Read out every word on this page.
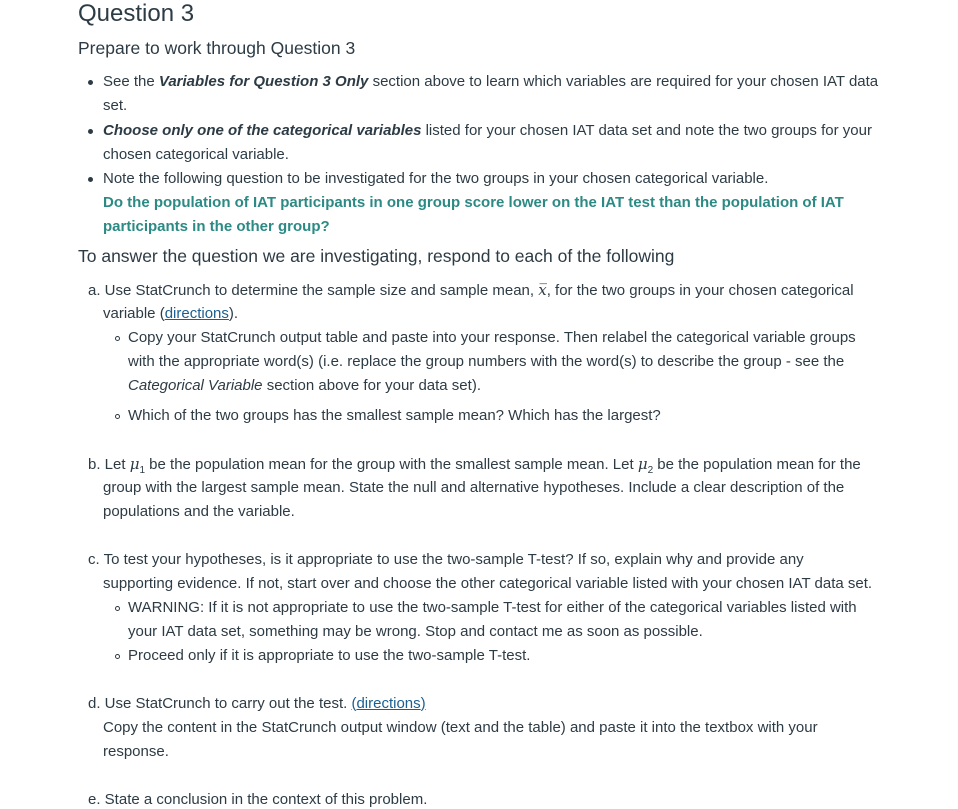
Question 3
Prepare to work through Question 3
See the Variables for Question 3 Only section above to learn which variables are required for your chosen IAT data
set.
Choose only one of the categorical variables listed for your chosen IAT data set and note the two groups for your
chosen categorical variable.
Note the following question to be investigated for the two groups in your chosen categorical variable.
Do the population of IAT participants in one group score lower on the IAT test than the population of IAT
participants in the other group?
To answer the question we are investigating, respond to each of the following
a. Use StatCrunch to determine the sample size and sample mean, x̅, for the two groups in your chosen categorical
variable (directions).
Copy your StatCrunch output table and paste into your response. Then relabel the categorical variable groups
with the appropriate word(s) (i.e. replace the group numbers with the word(s) to describe the group - see the
Categorical Variable section above for your data set).
Which of the two groups has the smallest sample mean? Which has the largest?
b. Let $\mu_1$ be the population mean for the group with the smallest sample mean. Let $\mu_2$ be the population mean for the
group with the largest sample mean. State the null and alternative hypotheses. Include a clear description of the
populations and the variable.
c. To test your hypotheses, is it appropriate to use the two-sample T-test? If so, explain why and provide any
supporting evidence. If not, start over and choose the other categorical variable listed with your chosen IAT data set.
WARNING: If it is not appropriate to use the two-sample T-test for either of the categorical variables listed with
your IAT data set, something may be wrong. Stop and contact me as soon as possible.
Proceed only if it is appropriate to use the two-sample T-test.
d. Use StatCrunch to carry out the test. (directions)
Copy the content in the StatCrunch output window (text and the table) and paste it into the textbox with your
response.
e. State a conclusion in the context of this problem.
